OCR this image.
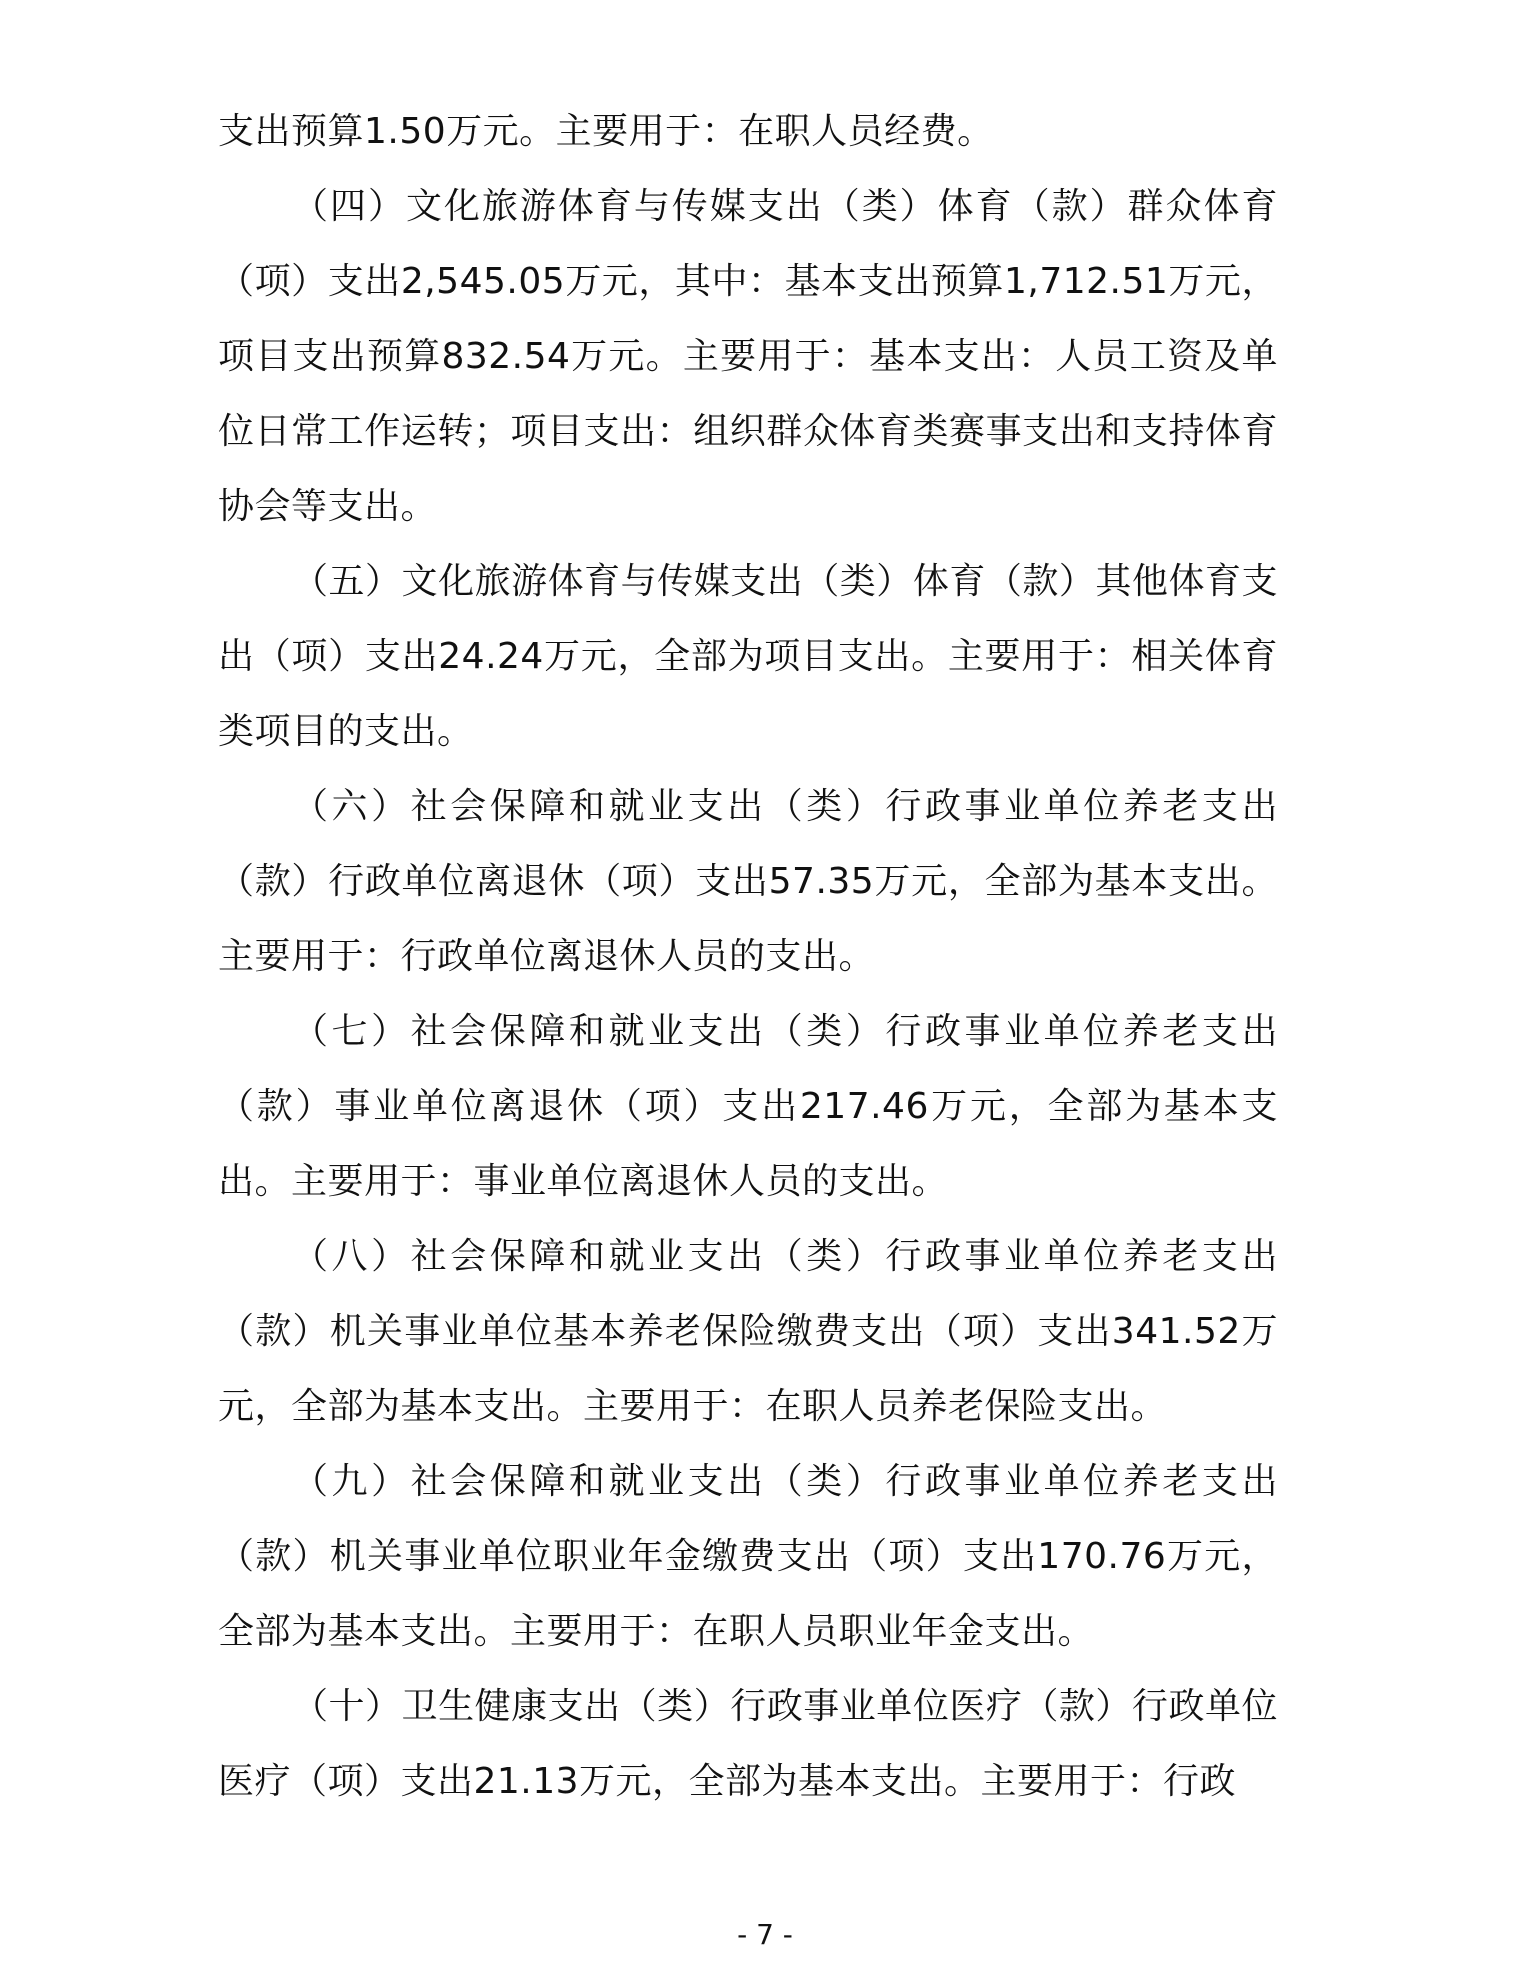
支出预算1.50万元。主要用于：在职人员经费。

（四）文化旅游体育与传媒支出（类）体育（款）群众体育（项）支出2,545.05万元，其中：基本支出预算1,712.51万元，项目支出预算832.54万元。主要用于：基本支出：人员工资及单位日常工作运转；项目支出：组织群众体育类赛事支出和支持体育协会等支出。

（五）文化旅游体育与传媒支出（类）体育（款）其他体育支出（项）支出24.24万元，全部为项目支出。主要用于：相关体育类项目的支出。

（六）社会保障和就业支出（类）行政事业单位养老支出（款）行政单位离退休（项）支出57.35万元，全部为基本支出。主要用于：行政单位离退休人员的支出。

（七）社会保障和就业支出（类）行政事业单位养老支出（款）事业单位离退休（项）支出217.46万元，全部为基本支出。主要用于：事业单位离退休人员的支出。

（八）社会保障和就业支出（类）行政事业单位养老支出（款）机关事业单位基本养老保险缴费支出（项）支出341.52万元，全部为基本支出。主要用于：在职人员养老保险支出。

（九）社会保障和就业支出（类）行政事业单位养老支出（款）机关事业单位职业年金缴费支出（项）支出170.76万元，全部为基本支出。主要用于：在职人员职业年金支出。

（十）卫生健康支出（类）行政事业单位医疗（款）行政单位医疗（项）支出21.13万元，全部为基本支出。主要用于：行政

- 7 -
